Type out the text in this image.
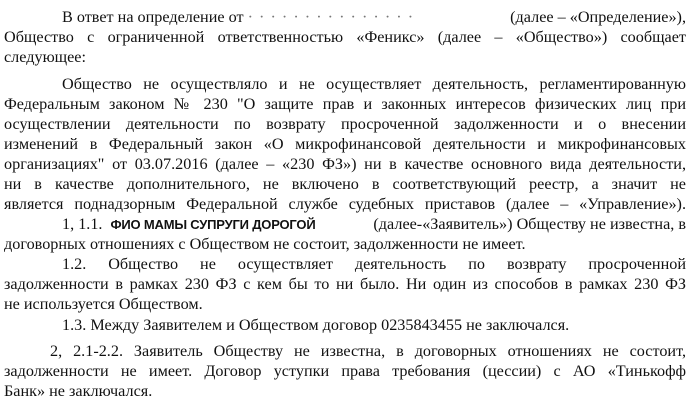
В ответ на определение от · · · · · · · · · · · · · · ·	(далее – «Определение»),
Общество с ограниченной ответственностью «Феникс» (далее – «Общество») сообщает
следующее:
Общество не осуществляло и не осуществляет деятельность, регламентированную
Федеральным законом № 230 "О защите прав и законных интересов физических лиц при
осуществлении деятельности по возврату просроченной задолженности и о внесении
изменений в Федеральный закон «О микрофинансовой деятельности и микрофинансовых
организациях" от 03.07.2016 (далее – «230 ФЗ») ни в качестве основного вида деятельности,
ни в качестве дополнительного, не включено в соответствующий реестр, а значит не
является поднадзорным Федеральной службе судебных приставов (далее – «Управление»).
1, 1.1. ФИО МАМЫ СУПРУГИ ДОРОГОЙ	(далее-«Заявитель») Обществу не известна, в
договорных отношениях с Обществом не состоит, задолженности не имеет.
1.2. Общество не осуществляет деятельность по возврату просроченной
задолженности в рамках 230 ФЗ с кем бы то ни было. Ни один из способов в рамках 230 ФЗ
не используется Обществом.
1.3. Между Заявителем и Обществом договор 0235843455 не заключался.
2, 2.1-2.2. Заявитель Обществу не известна, в договорных отношениях не состоит,
задолженности не имеет. Договор уступки права требования (цессии) с АО «Тинькофф
Банк» не заключался.
